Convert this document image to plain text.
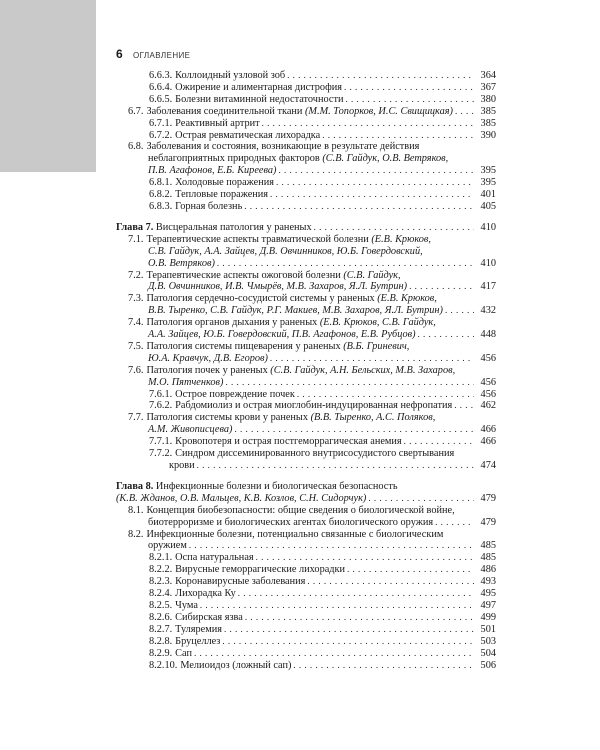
6 ОГЛАВЛЕНИЕ
6.6.3. Коллоидный узловой зоб . . .	364
6.6.4. Ожирение и алиментарная дистрофия . . .	367
6.6.5. Болезни витаминной недостаточности . . .	380
6.7. Заболевания соединительной ткани (М.М. Топорков, И.С. Свищицкая) . . .	385
6.7.1. Реактивный артрит . . .	385
6.7.2. Острая ревматическая лихорадка . . .	390
6.8. Заболевания и состояния, возникающие в результате действия
неблагоприятных природных факторов (С.В. Гайдук, О.В. Ветряков,
П.В. Агафонов, Е.Б. Киреева) . . .	395
6.8.1. Холодовые поражения . . .	395
6.8.2. Тепловые поражения . . .	401
6.8.3. Горная болезнь . . .	405
Глава 7. Висцеральная патология у раненых . . .	410
7.1. Терапевтические аспекты травматической болезни (Е.В. Крюков,
С.В. Гайдук, А.А. Зайцев, Д.В. Овчинников, Ю.Б. Говердовский,
О.В. Ветряков) . . .	410
7.2. Терапевтические аспекты ожоговой болезни (С.В. Гайдук,
Д.В. Овчинников, И.В. Чмырёв, М.В. Захаров, Я.Л. Бутрин) . . .	417
7.3. Патология сердечно-сосудистой системы у раненых (Е.В. Крюков,
В.В. Тыренко, С.В. Гайдук, Р.Г. Макиев, М.В. Захаров, Я.Л. Бутрин) . . .	432
7.4. Патология органов дыхания у раненых (Е.В. Крюков, С.В. Гайдук,
А.А. Зайцев, Ю.Б. Говердовский, П.В. Агафонов, Е.В. Рубцов) . . .	448
7.5. Патология системы пищеварения у раненых (В.Б. Гриневич,
Ю.А. Кравчук, Д.В. Егоров) . . .	456
7.6. Патология почек у раненых (С.В. Гайдук, А.Н. Бельских, М.В. Захаров,
М.О. Пятченков) . . .	456
7.6.1. Острое повреждение почек . . .	456
7.6.2. Рабдомиолиз и острая миоглобин-индуцированная нефропатия . . .	462
7.7. Патология системы крови у раненых (В.В. Тыренко, А.С. Поляков,
А.М. Живописцева) . . .	466
7.7.1. Кровопотеря и острая постгеморрагическая анемия . . .	466
7.7.2. Синдром диссеминированного внутрисосудистого свертывания
крови . . .	474
Глава 8. Инфекционные болезни и биологическая безопасность
(К.В. Жданов, О.В. Мальцев, К.В. Козлов, С.Н. Сидорчук) . . .	479
8.1. Концепция биобезопасности: общие сведения о биологической войне,
биотерроризме и биологических агентах биологического оружия . . .	479
8.2. Инфекционные болезни, потенциально связанные с биологическим
оружием . . .	485
8.2.1. Оспа натуральная . . .	485
8.2.2. Вирусные геморрагические лихорадки . . .	486
8.2.3. Коронавирусные заболевания . . .	493
8.2.4. Лихорадка Ку . . .	495
8.2.5. Чума . . .	497
8.2.6. Сибирская язва . . .	499
8.2.7. Туляремия . . .	501
8.2.8. Бруцеллез . . .	503
8.2.9. Сап . . .	504
8.2.10. Мелиоидоз (ложный сап) . . .	506
